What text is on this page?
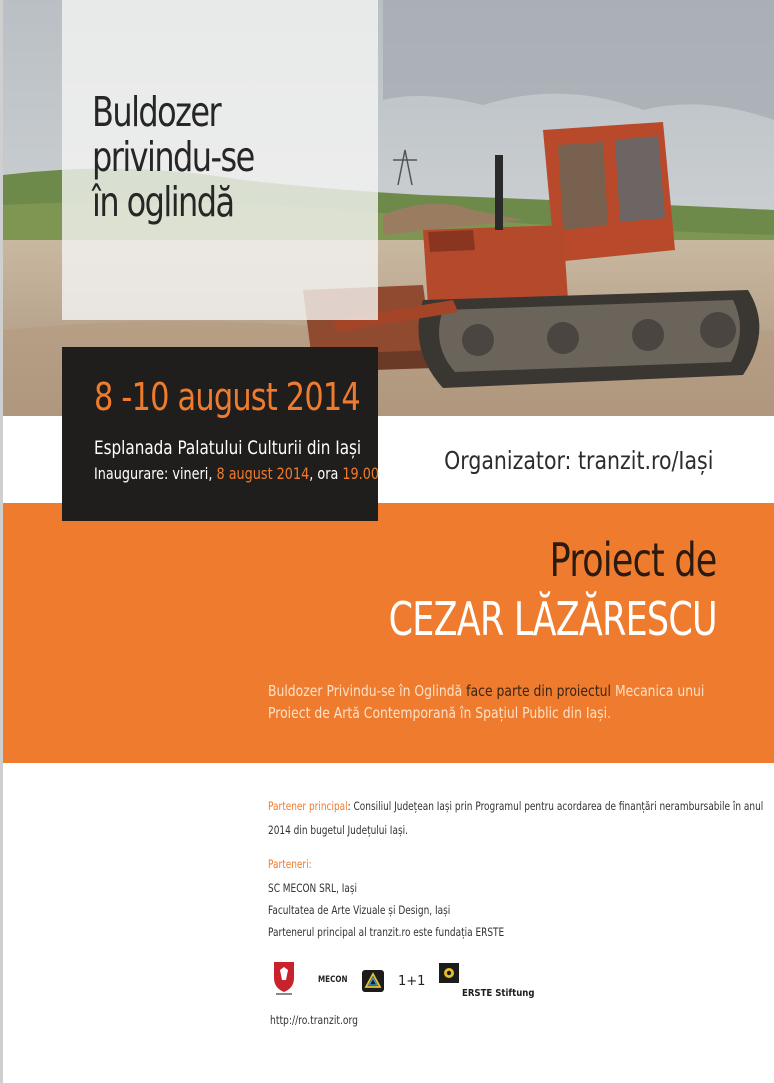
Buldozer
privindu-se
în oglindă
8 -10 august 2014
Esplanada Palatului Culturii din Iași
Inaugurare: vineri, 8 august 2014, ora 19.00	Organizator: tranzit.ro/Iași
Proiect de
CEZAR LĂZĂRESCU
Buldozer Privindu-se în Oglindă face parte din proiectul Mecanica unui Proiect de Artă Contemporană în Spațiul Public din Iași.
Partener principal: Consiliul Județean Iași prin Programul pentru acordarea de finanțări nerambursabile în anul
2014 din bugetul Județului Iași.
Parteneri:
SC MECON SRL, Iași
Facultatea de Arte Vizuale și Design, Iași
Partenerul principal al tranzit.ro este fundația ERSTE
MECON	1+1
ERSTE Stiftung
http://ro.tranzit.org
